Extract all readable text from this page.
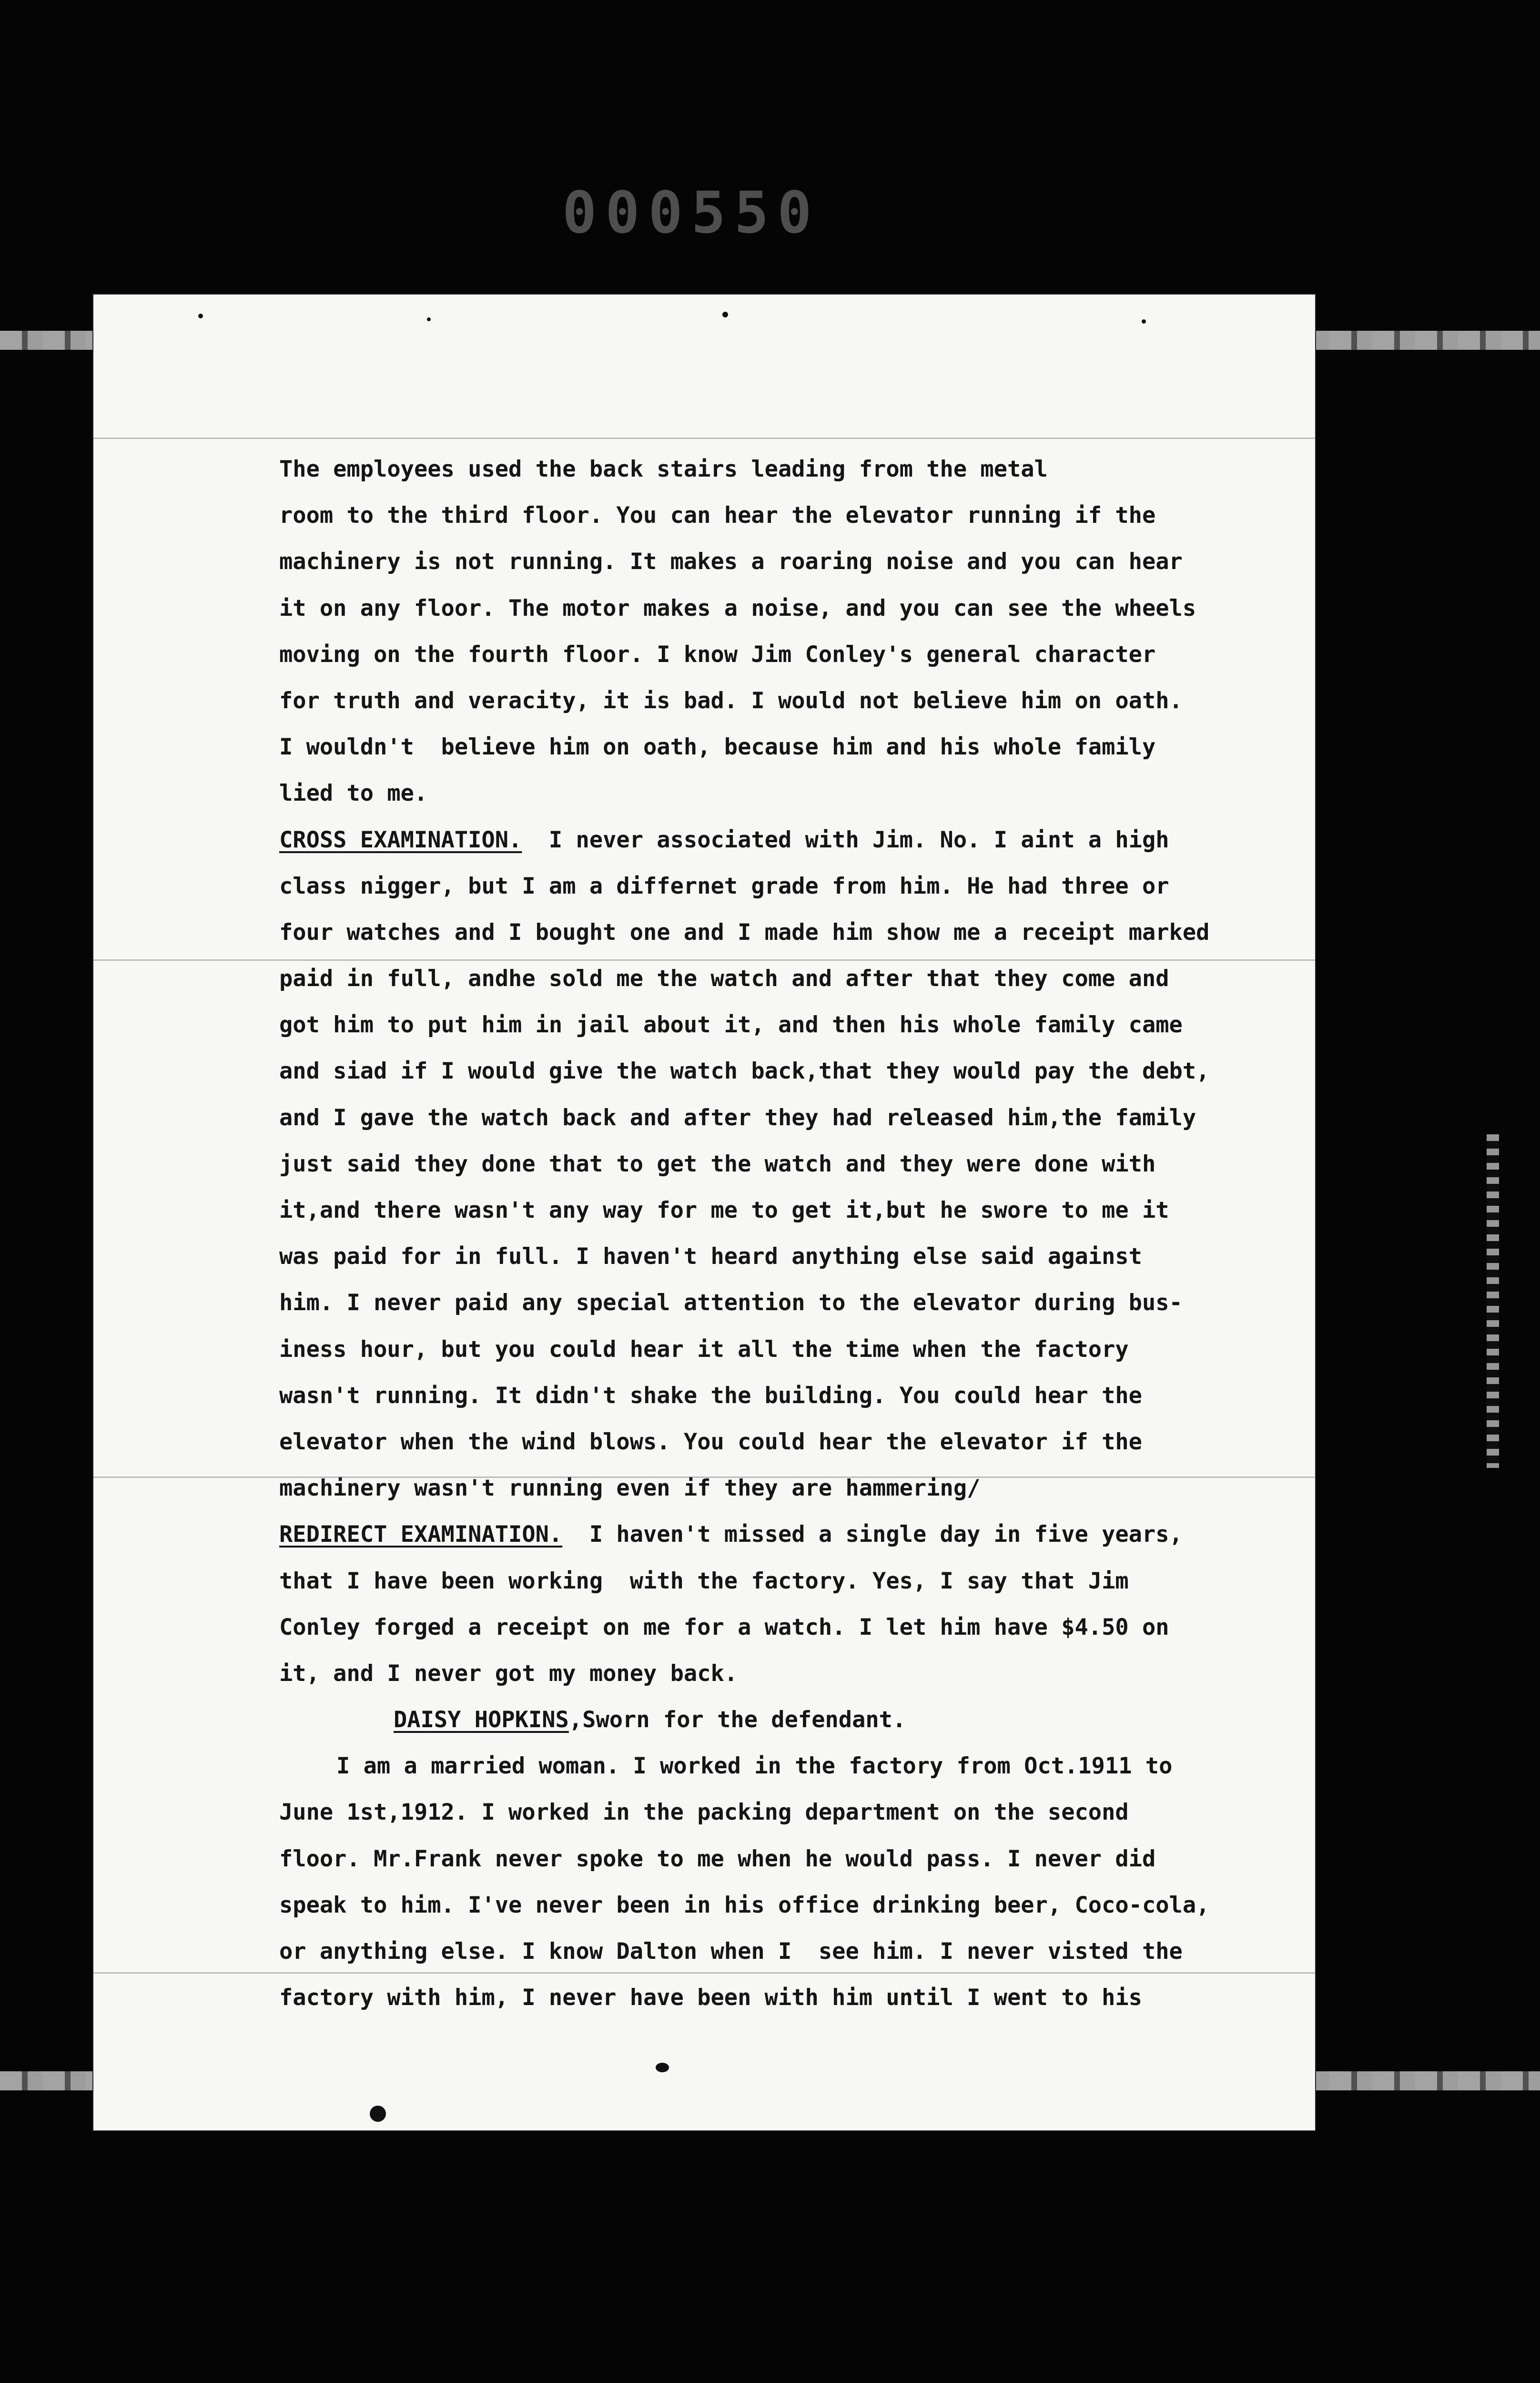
000550
The employees used the back stairs leading from the metal
room to the third floor. You can hear the elevator running if the
machinery is not running. It makes a roaring noise and you can hear
it on any floor. The motor makes a noise, and you can see the wheels
moving on the fourth floor. I know Jim Conley's general character
for truth and veracity, it is bad. I would not believe him on oath.
I wouldn't  believe him on oath, because him and his whole family
lied to me.
CROSS EXAMINATION.  I never associated with Jim. No. I aint a high
class nigger, but I am a differnet grade from him. He had three or
four watches and I bought one and I made him show me a receipt marked
paid in full, andhe sold me the watch and after that they come and
got him to put him in jail about it, and then his whole family came
and siad if I would give the watch back,that they would pay the debt,
and I gave the watch back and after they had released him,the family
just said they done that to get the watch and they were done with
it,and there wasn't any way for me to get it,but he swore to me it
was paid for in full. I haven't heard anything else said against
him. I never paid any special attention to the elevator during bus-
iness hour, but you could hear it all the time when the factory
wasn't running. It didn't shake the building. You could hear the
elevator when the wind blows. You could hear the elevator if the
machinery wasn't running even if they are hammering/
REDIRECT EXAMINATION.  I haven't missed a single day in five years,
that I have been working  with the factory. Yes, I say that Jim
Conley forged a receipt on me for a watch. I let him have $4.50 on
it, and I never got my money back.
DAISY HOPKINS,Sworn for the defendant.
I am a married woman. I worked in the factory from Oct.1911 to
June 1st,1912. I worked in the packing department on the second
floor. Mr.Frank never spoke to me when he would pass. I never did
speak to him. I've never been in his office drinking beer, Coco-cola,
or anything else. I know Dalton when I  see him. I never visted the
factory with him, I never have been with him until I went to his
